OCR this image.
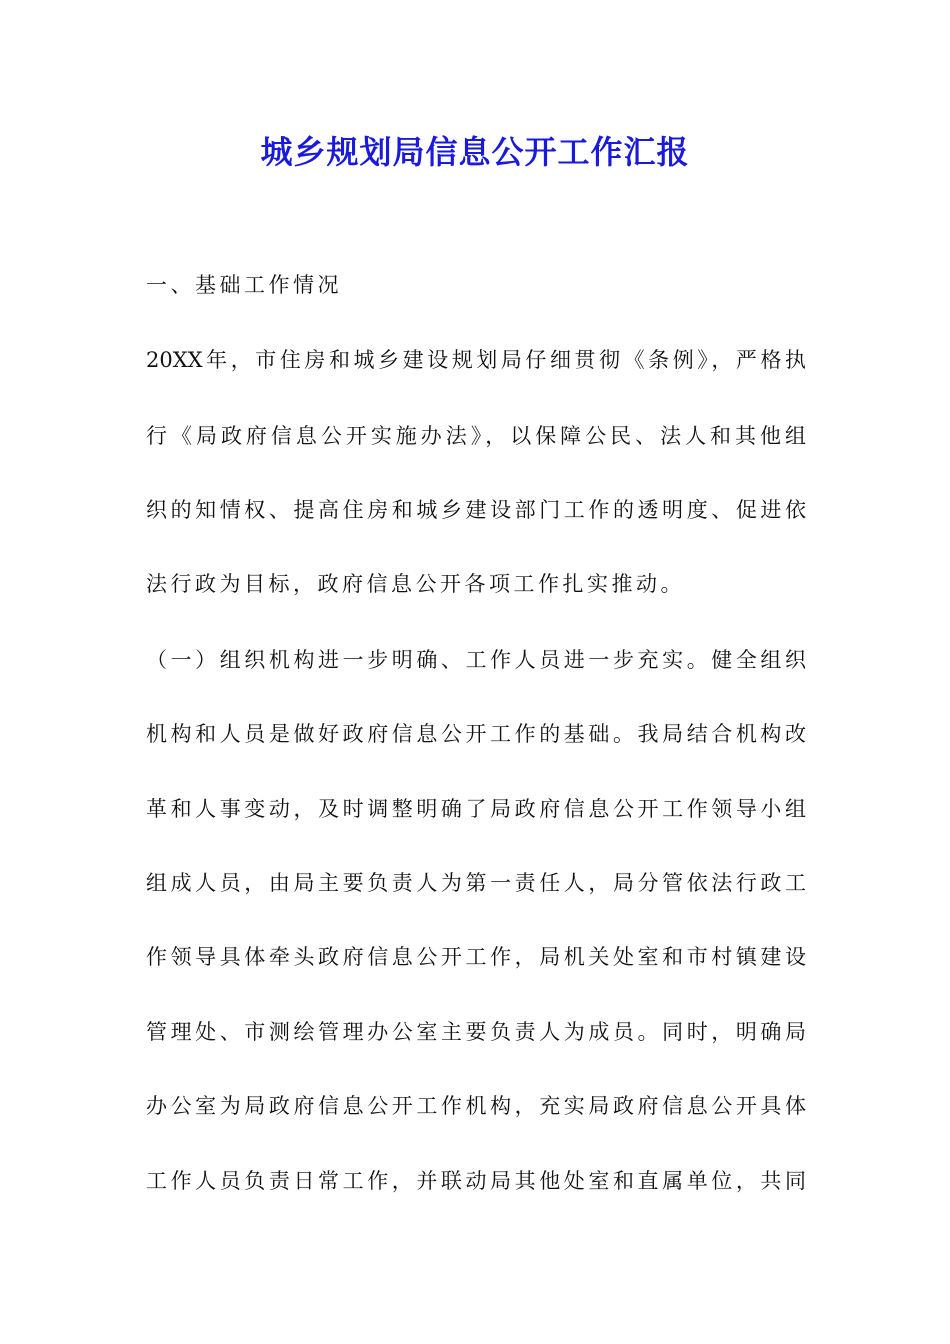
城乡规划局信息公开工作汇报

一、基础工作情况

20XX年，市住房和城乡建设规划局仔细贯彻《条例》，严格执

行《局政府信息公开实施办法》，以保障公民、法人和其他组

织的知情权、提高住房和城乡建设部门工作的透明度、促进依

法行政为目标，政府信息公开各项工作扎实推动。

（一）组织机构进一步明确、工作人员进一步充实。健全组织

机构和人员是做好政府信息公开工作的基础。我局结合机构改

革和人事变动，及时调整明确了局政府信息公开工作领导小组

组成人员，由局主要负责人为第一责任人，局分管依法行政工

作领导具体牵头政府信息公开工作，局机关处室和市村镇建设

管理处、市测绘管理办公室主要负责人为成员。同时，明确局

办公室为局政府信息公开工作机构，充实局政府信息公开具体

工作人员负责日常工作，并联动局其他处室和直属单位，共同
